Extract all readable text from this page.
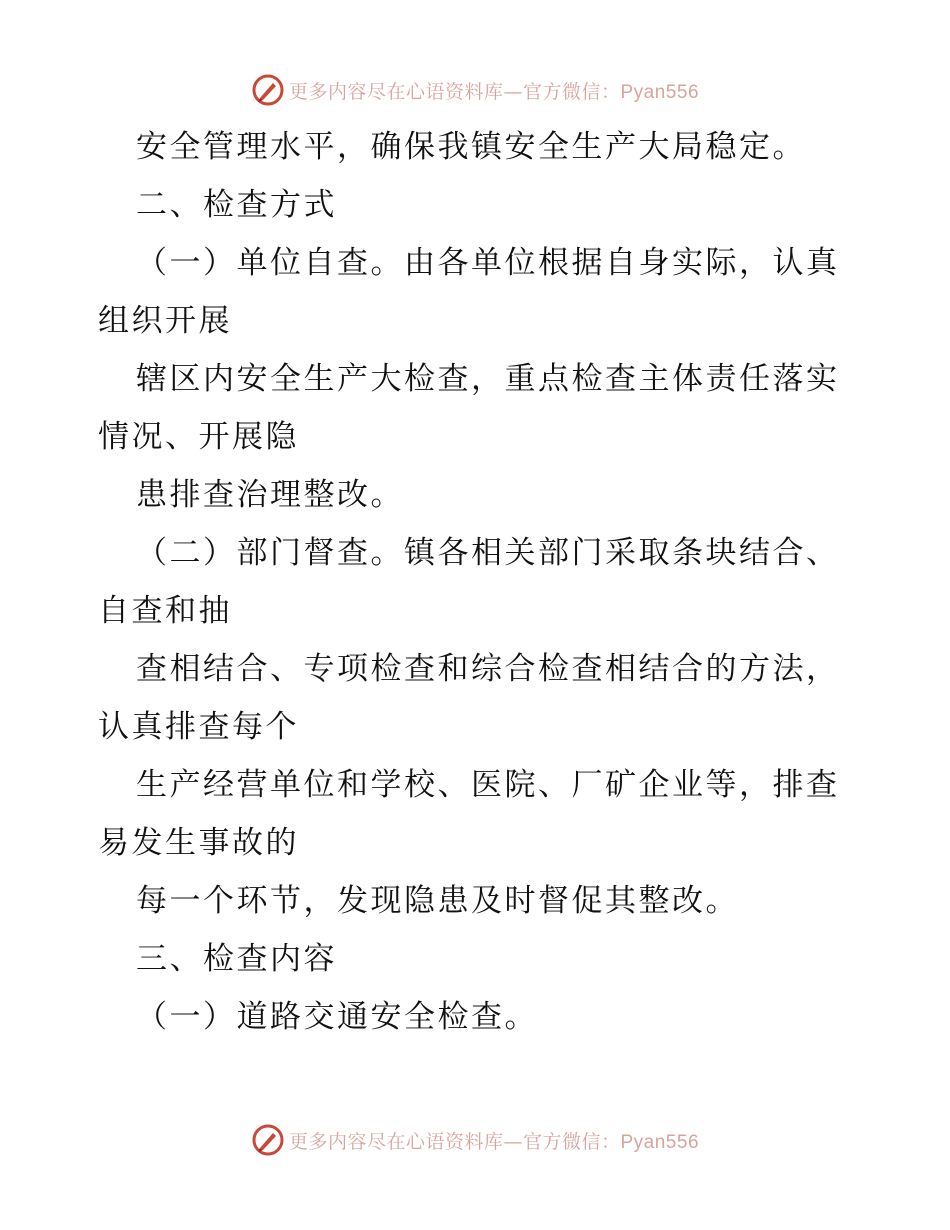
更多内容尽在心语资料库—官方微信：Pyan556
安全管理水平，确保我镇安全生产大局稳定。
二、检查方式
（一）单位自查。由各单位根据自身实际，认真
组织开展
辖区内安全生产大检查，重点检查主体责任落实
情况、开展隐
患排查治理整改。
（二）部门督查。镇各相关部门采取条块结合、
自查和抽
查相结合、专项检查和综合检查相结合的方法，
认真排查每个
生产经营单位和学校、医院、厂矿企业等，排查
易发生事故的
每一个环节，发现隐患及时督促其整改。
三、检查内容
（一）道路交通安全检查。
更多内容尽在心语资料库—官方微信：Pyan556
